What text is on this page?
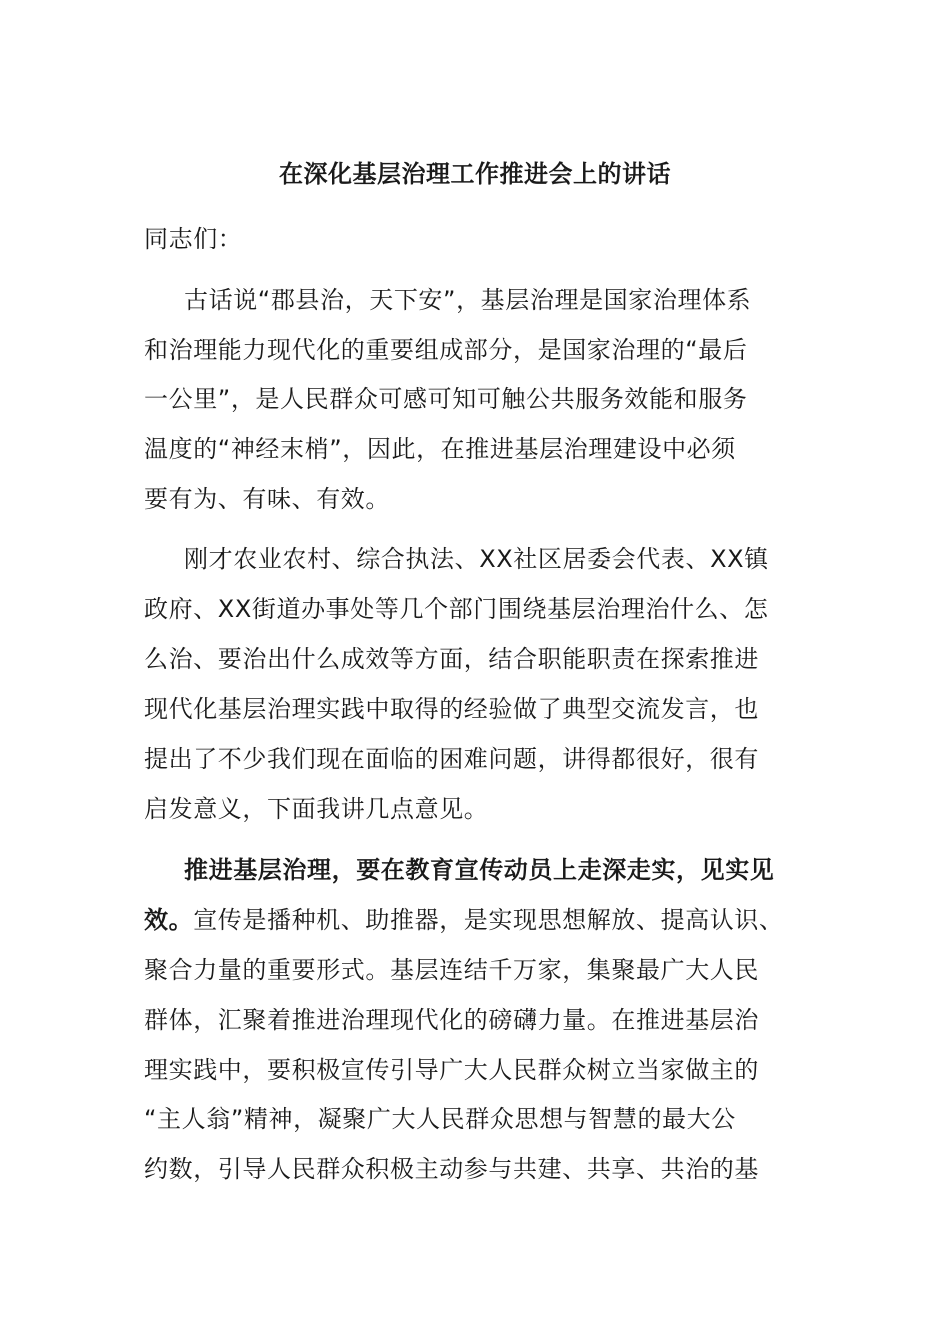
在深化基层治理工作推进会上的讲话
同志们：
古话说“郡县治，天下安”，基层治理是国家治理体系
和治理能力现代化的重要组成部分，是国家治理的“最后
一公里”，是人民群众可感可知可触公共服务效能和服务
温度的“神经末梢”，因此，在推进基层治理建设中必须
要有为、有味、有效。
刚才农业农村、综合执法、XX社区居委会代表、XX镇
政府、XX街道办事处等几个部门围绕基层治理治什么、怎
么治、要治出什么成效等方面，结合职能职责在探索推进
现代化基层治理实践中取得的经验做了典型交流发言，也
提出了不少我们现在面临的困难问题，讲得都很好，很有
启发意义，下面我讲几点意见。
推进基层治理，要在教育宣传动员上走深走实，见实见
效。宣传是播种机、助推器，是实现思想解放、提高认识、
聚合力量的重要形式。基层连结千万家，集聚最广大人民
群体，汇聚着推进治理现代化的磅礴力量。在推进基层治
理实践中，要积极宣传引导广大人民群众树立当家做主的
“主人翁”精神，凝聚广大人民群众思想与智慧的最大公
约数，引导人民群众积极主动参与共建、共享、共治的基
